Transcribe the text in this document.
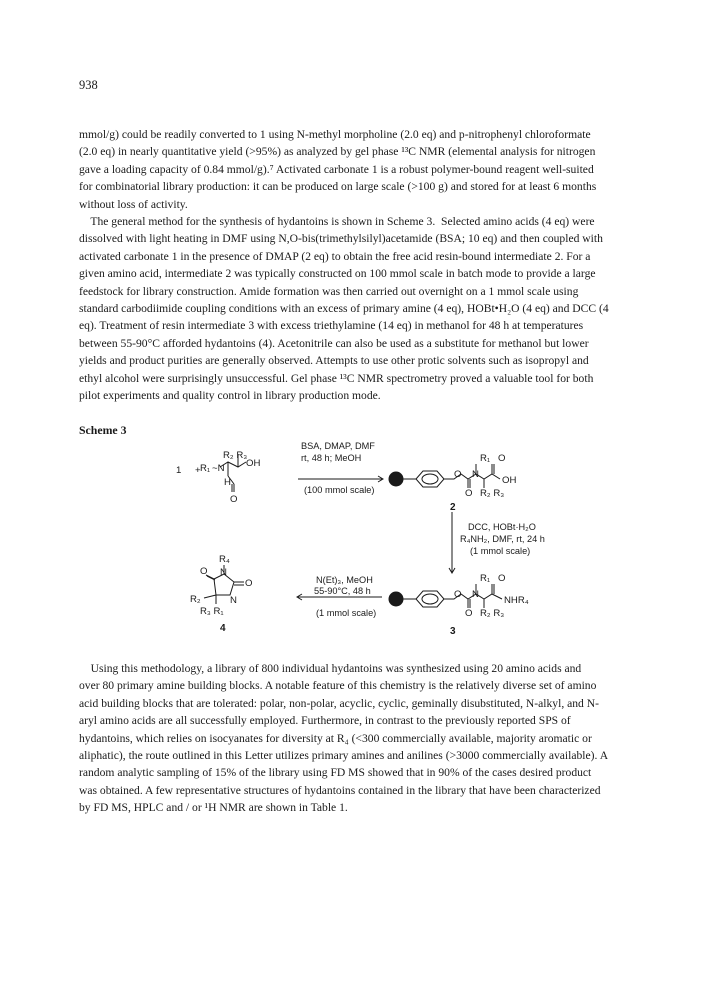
938

mmol/g) could be readily converted to 1 using N-methyl morpholine (2.0 eq) and p-nitrophenyl chloroformate
(2.0 eq) in nearly quantitative yield (>95%) as analyzed by gel phase ¹³C NMR (elemental analysis for nitrogen
gave a loading capacity of 0.84 mmol/g).⁷ Activated carbonate 1 is a robust polymer-bound reagent well-suited
for combinatorial library production: it can be produced on large scale (>100 g) and stored for at least 6 months
without loss of activity.
The general method for the synthesis of hydantoins is shown in Scheme 3.  Selected amino acids (4 eq) were
dissolved with light heating in DMF using N,O-bis(trimethylsilyl)acetamide (BSA; 10 eq) and then coupled with
activated carbonate 1 in the presence of DMAP (2 eq) to obtain the free acid resin-bound intermediate 2. For a
given amino acid, intermediate 2 was typically constructed on 100 mmol scale in batch mode to provide a large
feedstock for library construction. Amide formation was then carried out overnight on a 1 mmol scale using
standard carbodiimide coupling conditions with an excess of primary amine (4 eq), HOBt•H₂O (4 eq) and DCC (4
eq). Treatment of resin intermediate 3 with excess triethylamine (14 eq) in methanol for 48 h at temperatures
between 55-90°C afforded hydantoins (4). Acetonitrile can also be used as a substitute for methanol but lower
yields and product purities are generally observed. Attempts to use other protic solvents such as isopropyl and
ethyl alcohol were surprisingly unsuccessful. Gel phase ¹³C NMR spectrometry proved a valuable tool for both
pilot experiments and quality control in library production mode.

Scheme 3
R₂ R₃
R₁ ~N OH
H
O
1 +
BSA, DMAP, DMF
rt, 48 h; MeOH
(100 mmol scale)
O N
R₁ O
OH
O R₂ R₃
2
DCC, HOBt·H₂O
R₄NH₂, DMF, rt, 24 h
(1 mmol scale)
O N
R₁ O
NHR₄
O R₂ R₃
3
N(Et)₃, MeOH
55-90°C, 48 h
(1 mmol scale)
R₄
O N
O
R₂	N
R₃ R₁
4

Using this methodology, a library of 800 individual hydantoins was synthesized using 20 amino acids and
over 80 primary amine building blocks. A notable feature of this chemistry is the relatively diverse set of amino
acid building blocks that are tolerated: polar, non-polar, acyclic, cyclic, geminally disubstituted, N-alkyl, and N-
aryl amino acids are all successfully employed. Furthermore, in contrast to the previously reported SPS of
hydantoins, which relies on isocyanates for diversity at R₄ (<300 commercially available, majority aromatic or
aliphatic), the route outlined in this Letter utilizes primary amines and anilines (>3000 commercially available). A
random analytic sampling of 15% of the library using FD MS showed that in 90% of the cases desired product
was obtained. A few representative structures of hydantoins contained in the library that have been characterized
by FD MS, HPLC and / or ¹H NMR are shown in Table 1.
